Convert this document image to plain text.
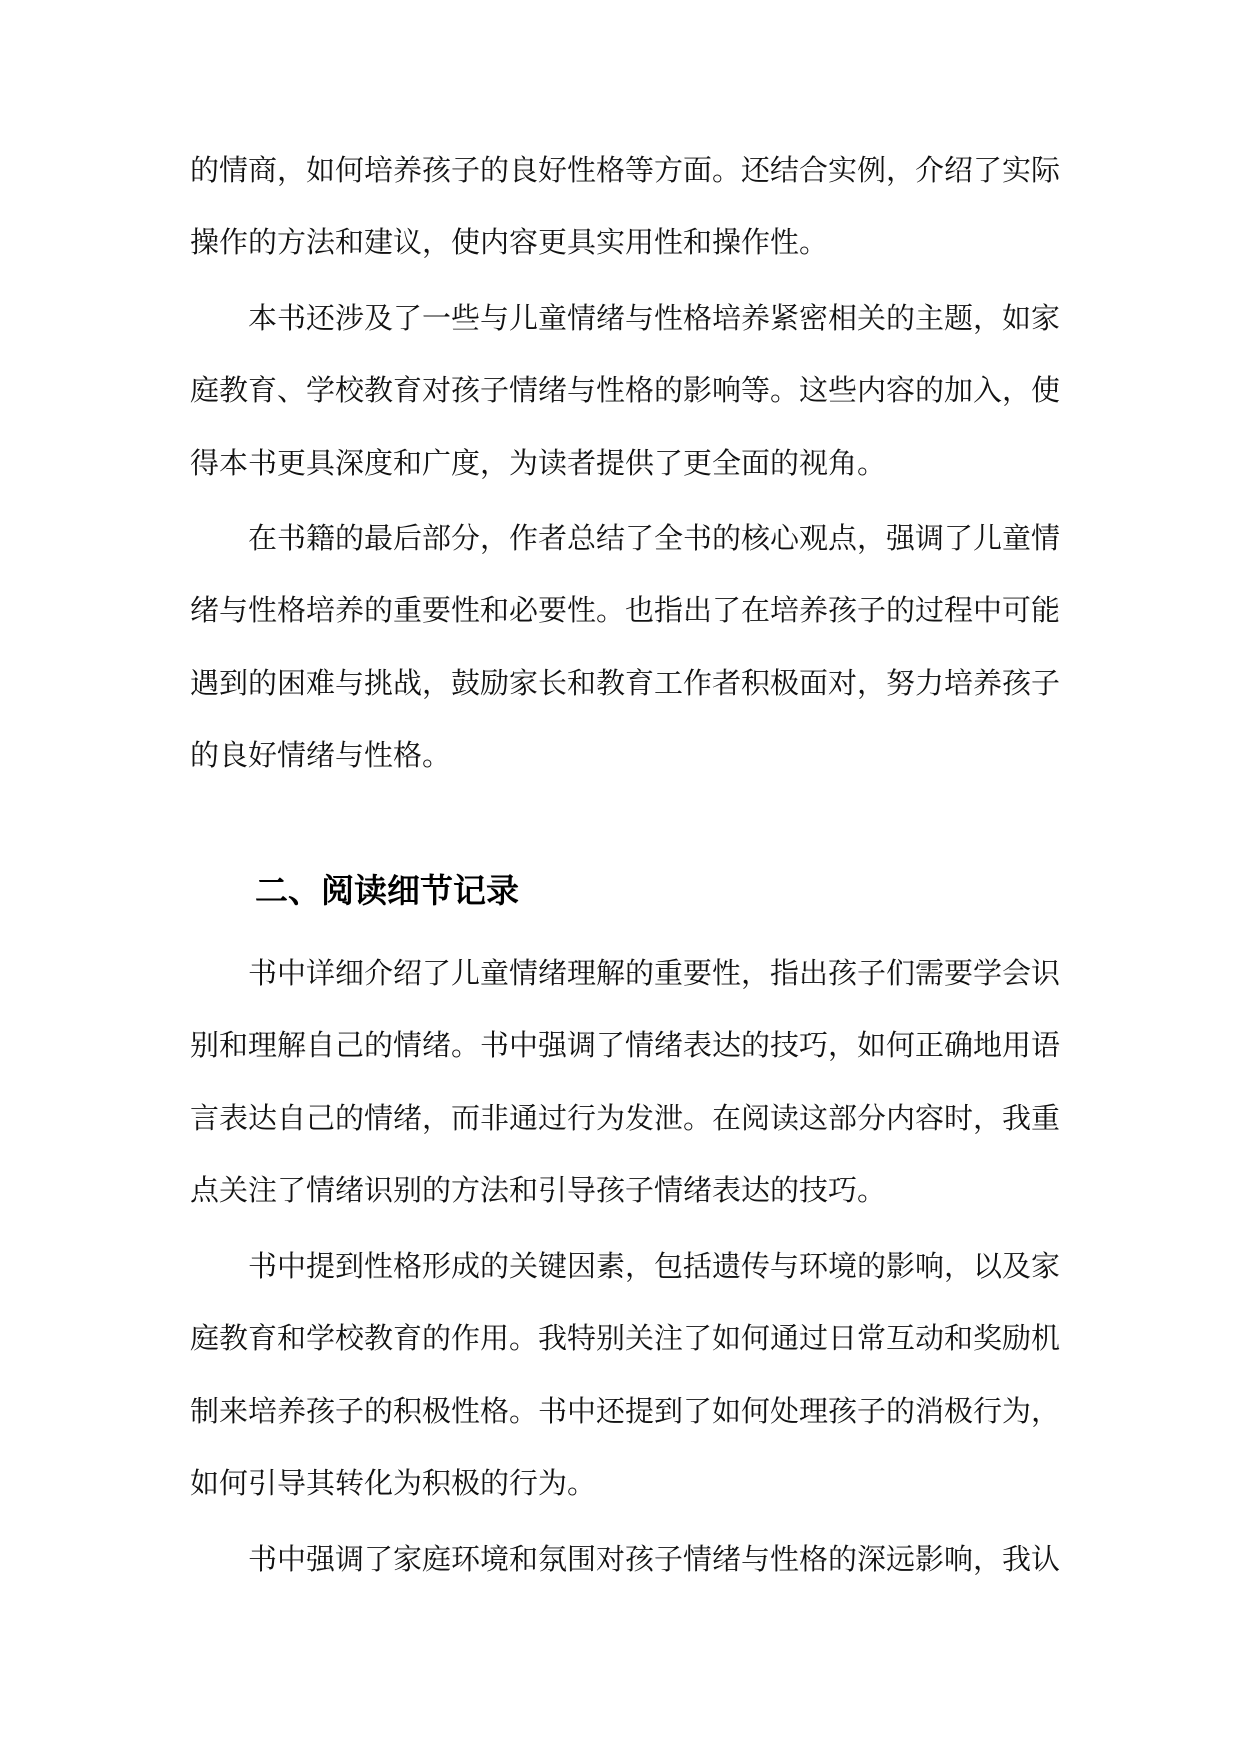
的情商，如何培养孩子的良好性格等方面。还结合实例，介绍了实际
操作的方法和建议，使内容更具实用性和操作性。
本书还涉及了一些与儿童情绪与性格培养紧密相关的主题，如家
庭教育、学校教育对孩子情绪与性格的影响等。这些内容的加入，使
得本书更具深度和广度，为读者提供了更全面的视角。
在书籍的最后部分，作者总结了全书的核心观点，强调了儿童情
绪与性格培养的重要性和必要性。也指出了在培养孩子的过程中可能
遇到的困难与挑战，鼓励家长和教育工作者积极面对，努力培养孩子
的良好情绪与性格。
二、阅读细节记录
书中详细介绍了儿童情绪理解的重要性，指出孩子们需要学会识
别和理解自己的情绪。书中强调了情绪表达的技巧，如何正确地用语
言表达自己的情绪，而非通过行为发泄。在阅读这部分内容时，我重
点关注了情绪识别的方法和引导孩子情绪表达的技巧。
书中提到性格形成的关键因素，包括遗传与环境的影响，以及家
庭教育和学校教育的作用。我特别关注了如何通过日常互动和奖励机
制来培养孩子的积极性格。书中还提到了如何处理孩子的消极行为，
如何引导其转化为积极的行为。
书中强调了家庭环境和氛围对孩子情绪与性格的深远影响，我认
